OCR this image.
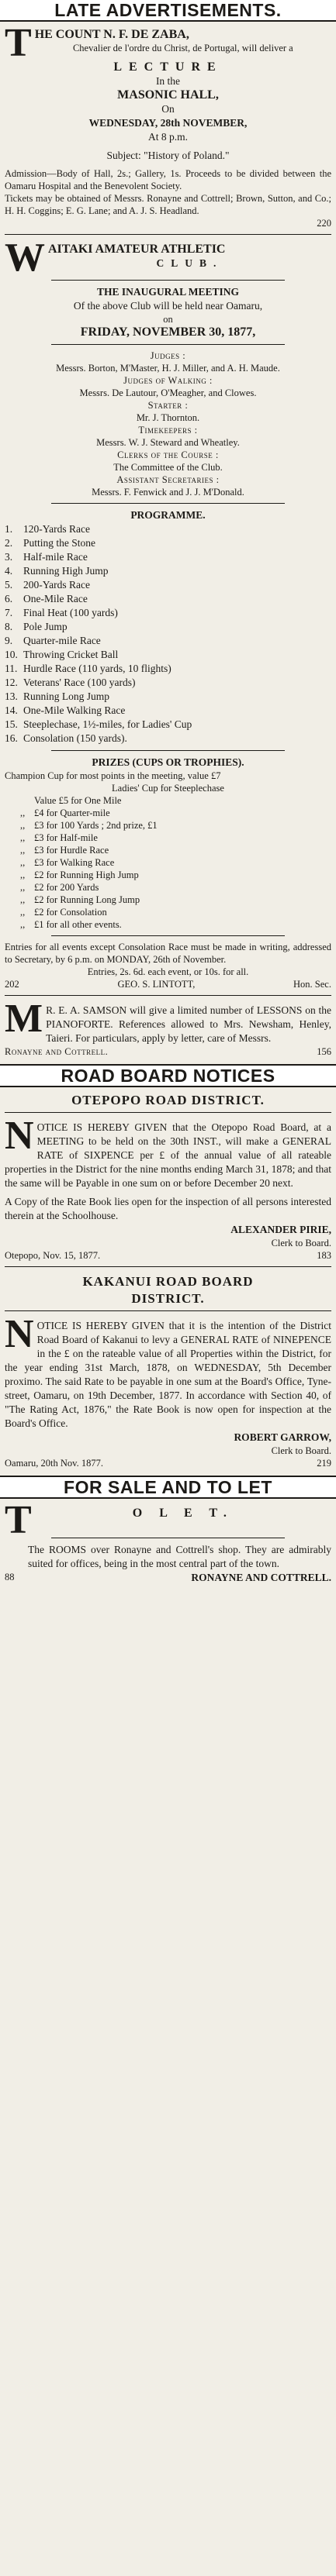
LATE ADVERTISEMENTS.
T HE COUNT N. F. DE ZABA,
Chevalier de l'ordre du Christ, de Portugal, will deliver a
LECTURE
In the
MASONIC HALL,
On
WEDNESDAY, 28th NOVEMBER,
At 8 p.m.
Subject: "History of Poland."
Admission—Body of Hall, 2s.; Gallery, 1s. Proceeds to be divided between the Oamaru Hospital and the Benevolent Society.
Tickets may be obtained of Messrs. Ronayne and Cottrell; Brown, Sutton, and Co.; H. H. Coggins; E. G. Lane; and A. J. S. Headland.
220
W AITAKI AMATEUR ATHLETIC
CLUB.
THE INAUGURAL MEETING
Of the above Club will be held near Oamaru,
on
FRIDAY, NOVEMBER 30, 1877,
Judges :
Messrs. Borton, M'Master, H. J. Miller, and A. H. Maude.
Judges of Walking :
Messrs. De Lautour, O'Meagher, and Clowes.
Starter :
Mr. J. Thornton.
Timekeepers :
Messrs. W. J. Steward and Wheatley.
Clerks of the Course :
The Committee of the Club.
Assistant Secretaries :
Messrs. F. Fenwick and J. J. M'Donald.
PROGRAMME.
1.	120-Yards Race
2.	Putting the Stone
3.	Half-mile Race
4.	Running High Jump
5.	200-Yards Race
6.	One-Mile Race
7.	Final Heat (100 yards)
8.	Pole Jump
9.	Quarter-mile Race
10. Throwing Cricket Ball
11. Hurdle Race (110 yards, 10 flights)
12. Veterans' Race (100 yards)
13. Running Long Jump
14. One-Mile Walking Race
15. Steeplechase, 1½-miles, for Ladies' Cup
16. Consolation (150 yards).
PRIZES (CUPS OR TROPHIES).
Champion Cup for most points in the meeting, value £7
Ladies' Cup for Steeplechase
Value £5 for One Mile
,, £4 for Quarter-mile
,, £3 for 100 Yards ; 2nd prize, £1
,, £3 for Half-mile
,, £3 for Hurdle Race
,, £3 for Walking Race
,, £2 for Running High Jump
,, £2 for 200 Yards
,, £2 for Running Long Jump
,, £2 for Consolation
,, £1 for all other events.
Entries for all events except Consolation Race must be made in writing, addressed to Secretary, by 6 p.m. on MONDAY, 26th of November.
Entries, 2s. 6d. each event, or 10s. for all.
202	GEO. S. LINTOTT,	Hon. Sec.
M R. E. A. SAMSON will give a limited number of LESSONS on the PIANOFORTE. References allowed to Mrs. Newsham, Henley, Taieri. For particulars, apply by letter, care of Messrs.
Ronayne and Cottrell.	156
ROAD BOARD NOTICES
OTEPOPO ROAD DISTRICT.
N OTICE IS HEREBY GIVEN that the Otepopo Road Board, at a MEETING to be held on the 30th INST., will make a GENERAL RATE of SIXPENCE per £ of the annual value of all rateable properties in the District for the nine months ending March 31, 1878; and that the same will be Payable in one sum on or before December 20 next.
A Copy of the Rate Book lies open for the inspection of all persons interested therein at the Schoolhouse.
ALEXANDER PIRIE,
Clerk to Board.
Otepopo, Nov. 15, 1877.	183
KAKANUI ROAD BOARD
DISTRICT.
N OTICE IS HEREBY GIVEN that it is the intention of the District Road Board of Kakanui to levy a GENERAL RATE of NINEPENCE in the £ on the rateable value of all Properties within the District, for the year ending 31st March, 1878, on WEDNESDAY, 5th December proximo. The said Rate to be payable in one sum at the Board's Office, Tyne-street, Oamaru, on 19th December, 1877. In accordance with Section 40, of "The Rating Act, 1876," the Rate Book is now open for inspection at the Board's Office.
ROBERT GARROW,
Clerk to Board.
Oamaru, 20th Nov. 1877.	219
FOR SALE AND TO LET
T	O L E T.
The ROOMS over Ronayne and Cottrell's shop. They are admirably suited for offices, being in the most central part of the town.
88	RONAYNE AND COTTRELL.
